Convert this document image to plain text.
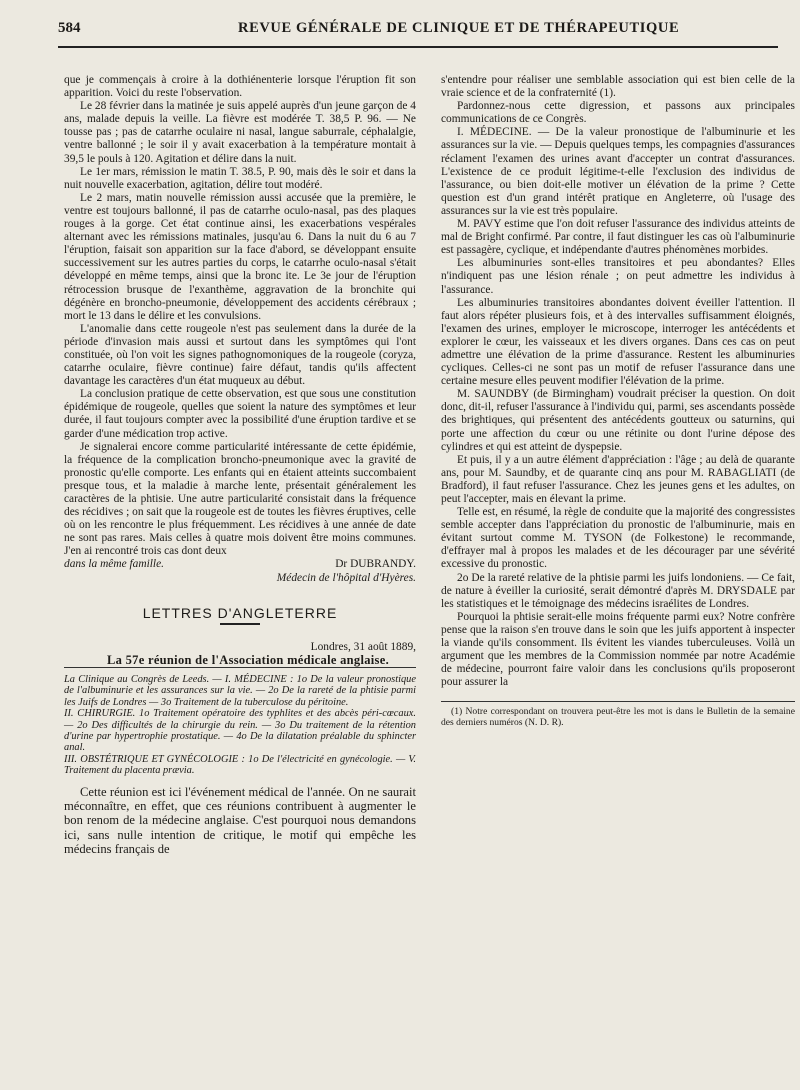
584	REVUE GÉNÉRALE DE CLINIQUE ET DE THÉRAPEUTIQUE

que je commençais à croire à la dothiénenterie lorsque l'éruption fit son apparition. Voici du reste l'observation.

Le 28 février dans la matinée je suis appelé auprès d'un jeune garçon de 4 ans, malade depuis la veille. La fièvre est modérée T. 38,5 P. 96. — Ne tousse pas ; pas de catarrhe oculaire ni nasal, langue saburrale, céphalalgie, ventre ballonné ; le soir il y avait exacerbation à la température montait à 39,5 le pouls à 120. Agitation et délire dans la nuit.

Le 1er mars, rémission le matin T. 38.5, P. 90, mais dès le soir et dans la nuit nouvelle exacerbation, agitation, délire tout modéré.

Le 2 mars, matin nouvelle rémission aussi accusée que la première, le ventre est toujours ballonné, il pas de catarrhe oculo-nasal, pas des plaques rouges à la gorge. Cet état continue ainsi, les exacerbations vespérales alternant avec les rémissions matinales, jusqu'au 6. Dans la nuit du 6 au 7 l'éruption, faisait son apparition sur la face d'abord, se développant ensuite successivement sur les autres parties du corps, le catarrhe oculo-nasal s'était développé en même temps, ainsi que la bronc ite. Le 3e jour de l'éruption rétrocession brusque de l'exanthème, aggravation de la bronchite qui dégénère en broncho-pneumonie, développement des accidents cérébraux ; mort le 13 dans le délire et les convulsions.

L'anomalie dans cette rougeole n'est pas seulement dans la durée de la période d'invasion mais aussi et surtout dans les symptômes qui l'ont constituée, où l'on voit les signes pathognomoniques de la rougeole (coryza, catarrhe oculaire, fièvre continue) faire défaut, tandis qu'ils affectent davantage les caractères d'un état muqueux au début.

La conclusion pratique de cette observation, est que sous une constitution épidémique de rougeole, quelles que soient la nature des symptômes et leur durée, il faut toujours compter avec la possibilité d'une éruption tardive et se garder d'une médication trop active.

Je signalerai encore comme particularité intéressante de cette épidémie, la fréquence de la complication broncho-pneumonique avec la gravité de pronostic qu'elle comporte. Les enfants qui en étaient atteints succombaient presque tous, et la maladie à marche lente, présentait généralement les caractères de la phtisie. Une autre particularité consistait dans la fréquence des récidives ; on sait que la rougeole est de toutes les fièvres éruptives, celle où on les rencontre le plus fréquemment. Les récidives à une année de date ne sont pas rares. Mais celles à quatre mois doivent être moins communes. J'en ai rencontré trois cas dont deux

dans la même famille.	Dr DUBRANDY.

Médecin de l'hôpital d'Hyères.

LETTRES D'ANGLETERRE

Londres, 31 août 1889,

La 57e réunion de l'Association médicale anglaise.

La Clinique au Congrès de Leeds. — I. MÉDECINE : 1o De la valeur pronostique de l'albuminurie et les assurances sur la vie. — 2o De la rareté de la phtisie parmi les Juifs de Londres — 3o Traitement de la tuberculose du péritoine.

II. CHIRURGIE. 1o Traitement opératoire des typhlites et des abcès péri-cœcaux. — 2o Des difficultés de la chirurgie du rein. — 3o Du traitement de la rétention d'urine par hypertrophie prostatique. — 4o De la dilatation préalable du sphincter anal.

III. OBSTÉTRIQUE ET GYNÉCOLOGIE : 1o De l'électricité en gynécologie. — V. Traitement du placenta prævia.

Cette réunion est ici l'événement médical de l'année. On ne saurait méconnaître, en effet, que ces réunions contribuent à augmenter le bon renom de la médecine anglaise. C'est pourquoi nous demandons ici, sans nulle intention de critique, le motif qui empêche les médecins français de

s'entendre pour réaliser une semblable association qui est bien celle de la vraie science et de la confraternité (1).

Pardonnez-nous cette digression, et passons aux principales communications de ce Congrès.

I. MÉDECINE. — De la valeur pronostique de l'albuminurie et les assurances sur la vie. — Depuis quelques temps, les compagnies d'assurances réclament l'examen des urines avant d'accepter un contrat d'assurances. L'existence de ce produit légitime-t-elle l'exclusion des individus de l'assurance, ou bien doit-elle motiver un élévation de la prime ? Cette question est d'un grand intérêt pratique en Angleterre, où l'usage des assurances sur la vie est très populaire.

M. PAVY estime que l'on doit refuser l'assurance des individus atteints de mal de Bright confirmé. Par contre, il faut distinguer les cas où l'albuminurie est passagère, cyclique, et indépendante d'autres phénomènes morbides.

Les albuminuries sont-elles transitoires et peu abondantes? Elles n'indiquent pas une lésion rénale ; on peut admettre les individus à l'assurance.

Les albuminuries transitoires abondantes doivent éveiller l'attention. Il faut alors répéter plusieurs fois, et à des intervalles suffisamment éloignés, l'examen des urines, employer le microscope, interroger les antécédents et explorer le cœur, les vaisseaux et les divers organes. Dans ces cas on peut admettre une élévation de la prime d'assurance. Restent les albuminuries cycliques. Celles-ci ne sont pas un motif de refuser l'assurance dans une certaine mesure elles peuvent modifier l'élévation de la prime.

M. SAUNDBY (de Birmingham) voudrait préciser la question. On doit donc, dit-il, refuser l'assurance à l'individu qui, parmi, ses ascendants possède des brightiques, qui présentent des antécédents goutteux ou saturnins, qui porte une affection du cœur ou une rétinite ou dont l'urine dépose des cylindres et qui est atteint de dyspepsie.

Et puis, il y a un autre élément d'appréciation : l'âge ; au delà de quarante ans, pour M. Saundby, et de quarante cinq ans pour M. RABAGLIATI (de Bradford), il faut refuser l'assurance. Chez les jeunes gens et les adultes, on peut l'accepter, mais en élevant la prime.

Telle est, en résumé, la règle de conduite que la majorité des congressistes semble accepter dans l'appréciation du pronostic de l'albuminurie, mais en évitant surtout comme M. TYSON (de Folkestone) le recommande, d'effrayer mal à propos les malades et de les décourager par une sévérité excessive du pronostic.

2o De la rareté relative de la phtisie parmi les juifs londoniens. — Ce fait, de nature à éveiller la curiosité, serait démontré d'après M. DRYSDALE par les statistiques et le témoignage des médecins israélites de Londres.

Pourquoi la phtisie serait-elle moins fréquente parmi eux? Notre confrère pense que la raison s'en trouve dans le soin que les juifs apportent à inspecter la viande qu'ils consomment. Ils évitent les viandes tuberculeuses. Voilà un argument que les membres de la Commission nommée par notre Académie de médecine, pourront faire valoir dans les conclusions qu'ils proposeront pour assurer la

(1) Notre correspondant on trouvera peut-être les mot is dans le Bulletin de la semaine des derniers numéros (N. D. R).
